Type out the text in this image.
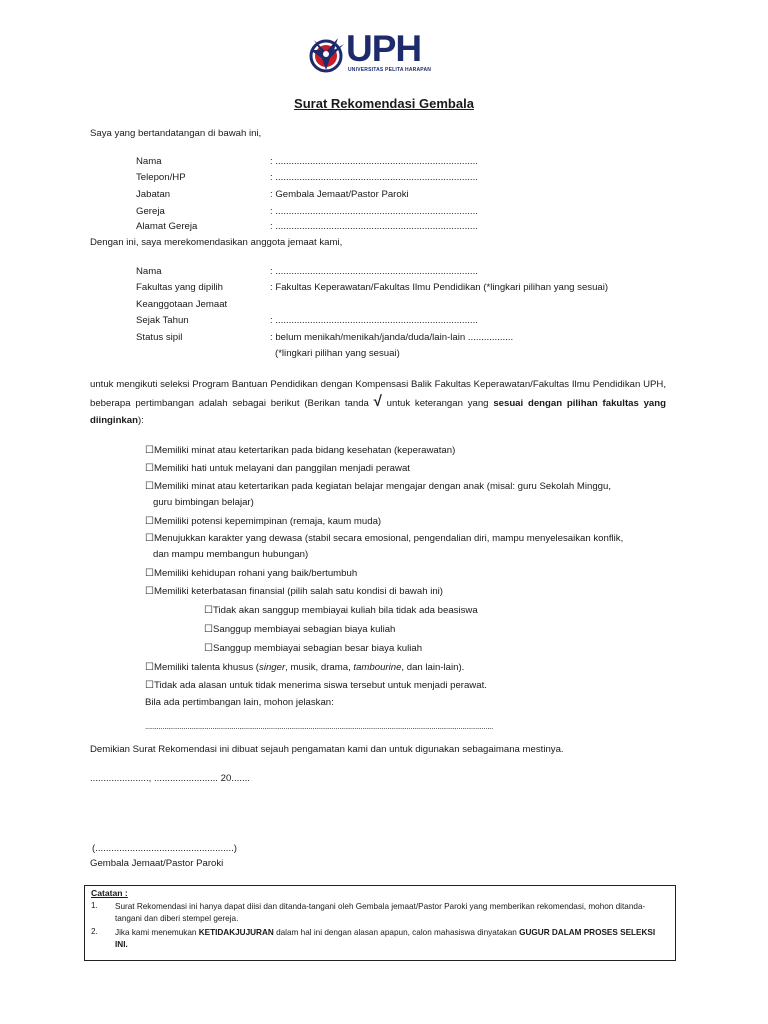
UPH
UNIVERSITAS PELITA HARAPAN
Surat Rekomendasi Gembala
Saya yang bertandatangan di bawah ini,
Nama	: ............................................................................
Telepon/HP	: ............................................................................
Jabatan	: Gembala Jemaat/Pastor Paroki
Gereja	: ............................................................................
Alamat Gereja	: ............................................................................
Dengan ini, saya merekomendasikan anggota jemaat kami,
Nama	: ............................................................................
Fakultas yang dipilih	: Fakultas Keperawatan/Fakultas Ilmu Pendidikan (*lingkari pilihan yang sesuai)
Keanggotaan Jemaat
Sejak Tahun	: ............................................................................
Status sipil	: belum menikah/menikah/janda/duda/lain-lain .................
(*lingkari pilihan yang sesuai)
untuk mengikuti seleksi Program Bantuan Pendidikan dengan Kompensasi Balik Fakultas Keperawatan/Fakultas Ilmu Pendidikan UPH, beberapa pertimbangan adalah sebagai berikut (Berikan tanda √ untuk keterangan yang sesuai dengan pilihan fakultas yang diinginkan):
☐Memiliki minat atau ketertarikan pada bidang kesehatan (keperawatan)
☐Memiliki hati untuk melayani dan panggilan menjadi perawat
☐Memiliki minat atau ketertarikan pada kegiatan belajar mengajar dengan anak (misal: guru Sekolah Minggu,
guru bimbingan belajar)
☐Memiliki potensi kepemimpinan (remaja, kaum muda)
☐Menujukkan karakter yang dewasa (stabil secara emosional, pengendalian diri, mampu menyelesaikan konflik,
dan mampu membangun hubungan)
☐Memiliki kehidupan rohani yang baik/bertumbuh
☐Memiliki keterbatasan finansial (pilih salah satu kondisi di bawah ini)
☐Tidak akan sanggup membiayai kuliah bila tidak ada beasiswa
☐Sanggup membiayai sebagian biaya kuliah
☐Sanggup membiayai sebagian besar biaya kuliah
☐Memiliki talenta khusus (singer, musik, drama, tambourine, dan lain-lain).
☐Tidak ada alasan untuk tidak menerima siswa tersebut untuk menjadi perawat.
Bila ada pertimbangan lain, mohon jelaskan:
.....................................................................................................................................................................................
Demikian Surat Rekomendasi ini dibuat sejauh pengamatan kami dan untuk digunakan sebagaimana mestinya.
......................, ........................ 20.......
(....................................................)
Gembala Jemaat/Pastor Paroki
Catatan :
1. Surat Rekomendasi ini hanya dapat diisi dan ditanda-tangani oleh Gembala jemaat/Pastor Paroki yang memberikan rekomendasi, mohon ditanda-tangani dan diberi stempel gereja.
2. Jika kami menemukan KETIDAKJUJURAN dalam hal ini dengan alasan apapun, calon mahasiswa dinyatakan GUGUR DALAM PROSES SELEKSI INI.
